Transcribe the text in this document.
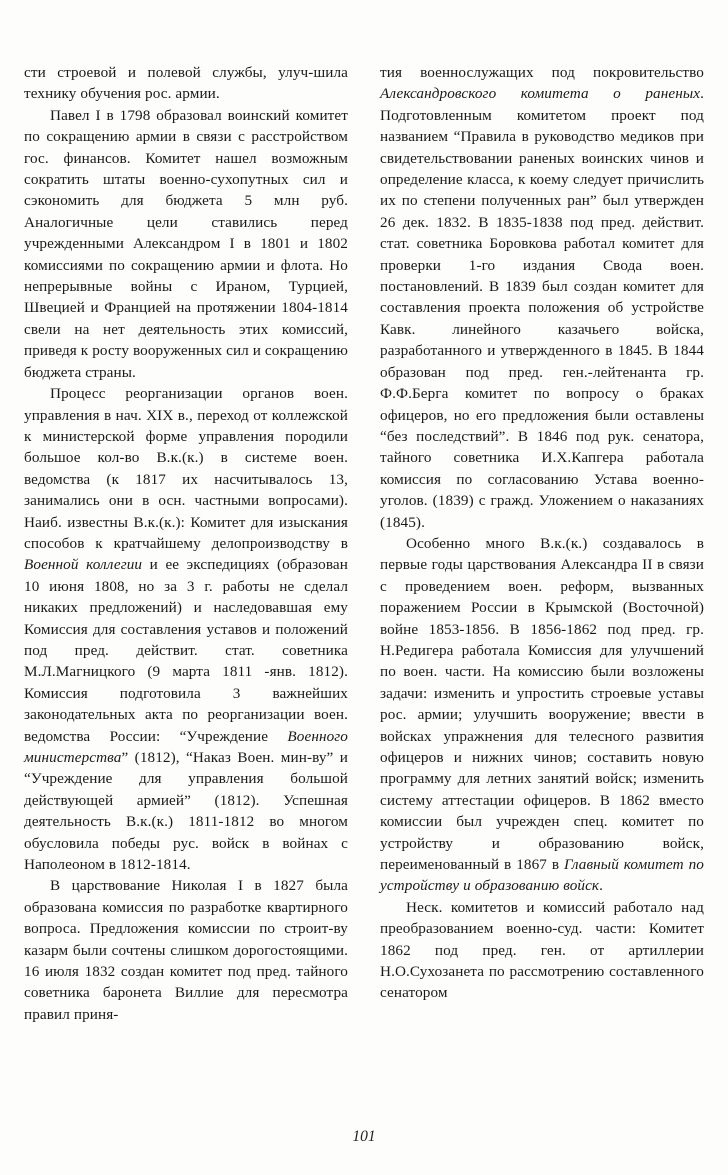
сти строевой и полевой службы, улуч-шила технику обучения рос. армии.

Павел I в 1798 образовал воинский комитет по сокращению армии в связи с расстройством гос. финансов. Комитет нашел возможным сократить штаты военно-сухопутных сил и сэкономить для бюджета 5 млн руб. Аналогичные цели ставились перед учрежденными Александром I в 1801 и 1802 комиссиями по сокращению армии и флота. Но непрерывные войны с Ираном, Турцией, Швецией и Францией на протяжении 1804-1814 свели на нет деятельность этих комиссий, приведя к росту вооруженных сил и сокращению бюджета страны.

Процесс реорганизации органов воен. управления в нач. XIX в., переход от коллежской к министерской форме управления породили большое кол-во В.к.(к.) в системе воен. ведомства (к 1817 их насчитывалось 13, занимались они в осн. частными вопросами). Наиб. известны В.к.(к.): Комитет для изыскания способов к кратчайшему делопроизводству в Военной коллегии и ее экспедициях (образован 10 июня 1808, но за 3 г. работы не сделал никаких предложений) и наследовавшая ему Комиссия для составления уставов и положений под пред. действит. стат. советника М.Л.Магницкого (9 марта 1811 -янв. 1812). Комиссия подготовила 3 важнейших законодательных акта по реорганизации воен. ведомства России: “Учреждение Военного министерства” (1812), “Наказ Воен. мин-ву” и “Учреждение для управления большой действующей армией” (1812). Успешная деятельность В.к.(к.) 1811-1812 во многом обусловила победы рус. войск в войнах с Наполеоном в 1812-1814.

В царствование Николая I в 1827 была образована комиссия по разработке квартирного вопроса. Предложения комиссии по строит-ву казарм были сочтены слишком дорогостоящими. 16 июля 1832 создан комитет под пред. тайного советника баронета Виллие для пересмотра правил приня-

тия военнослужащих под покровительство Александровского комитета о раненых. Подготовленным комитетом проект под названием “Правила в руководство медиков при свидетельствовании раненых воинских чинов и определение класса, к коему следует причислить их по степени полученных ран” был утвержден 26 дек. 1832. В 1835-1838 под пред. действит. стат. советника Боровкова работал комитет для проверки 1-го издания Свода воен. постановлений. В 1839 был создан комитет для составления проекта положения об устройстве Кавк. линейного казачьего войска, разработанного и утвержденного в 1845. В 1844 образован под пред. ген.-лейтенанта гр. Ф.Ф.Берга комитет по вопросу о браках офицеров, но его предложения были оставлены “без последствий”. В 1846 под рук. сенатора, тайного советника И.Х.Капгера работала комиссия по согласованию Устава военно-уголов. (1839) с гражд. Уложением о наказаниях (1845).

Особенно много В.к.(к.) создавалось в первые годы царствования Александра II в связи с проведением воен. реформ, вызванных поражением России в Крымской (Восточной) войне 1853-1856. В 1856-1862 под пред. гр. Н.Редигера работала Комиссия для улучшений по воен. части. На комиссию были возложены задачи: изменить и упростить строевые уставы рос. армии; улучшить вооружение; ввести в войсках упражнения для телесного развития офицеров и нижних чинов; составить новую программу для летних занятий войск; изменить систему аттестации офицеров. В 1862 вместо комиссии был учрежден спец. комитет по устройству и образованию войск, переименованный в 1867 в Главный комитет по устройству и образованию войск.

Неск. комитетов и комиссий работало над преобразованием военно-суд. части: Комитет 1862 под пред. ген. от артиллерии Н.О.Сухозанета по рассмотрению составленного сенатором

101
